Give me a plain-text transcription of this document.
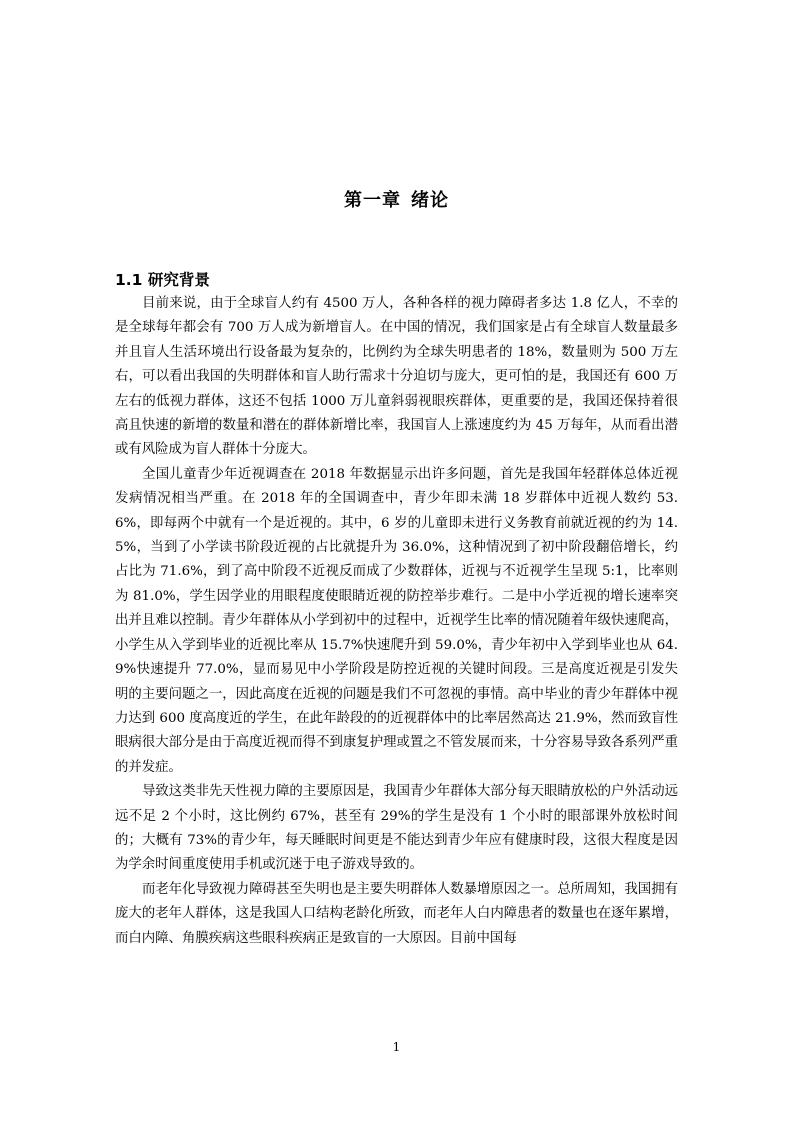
第一章 绪论
1.1 研究背景

目前来说，由于全球盲人约有 4500 万人，各种各样的视力障碍者多达 1.8 亿人，不幸的是全球每年都会有 700 万人成为新增盲人。在中国的情况，我们国家是占有全球盲人数量最多并且盲人生活环境出行设备最为复杂的，比例约为全球失明患者的 18%，数量则为 500 万左右，可以看出我国的失明群体和盲人助行需求十分迫切与庞大，更可怕的是，我国还有 600 万左右的低视力群体，这还不包括 1000 万儿童斜弱视眼疾群体，更重要的是，我国还保持着很高且快速的新增的数量和潜在的群体新增比率，我国盲人上涨速度约为 45 万每年，从而看出潜或有风险成为盲人群体十分庞大。

全国儿童青少年近视调查在 2018 年数据显示出许多问题，首先是我国年轻群体总体近视发病情况相当严重。在 2018 年的全国调查中，青少年即未满 18 岁群体中近视人数约 53.6%，即每两个中就有一个是近视的。其中，6 岁的儿童即未进行义务教育前就近视的约为 14.5%，当到了小学读书阶段近视的占比就提升为 36.0%，这种情况到了初中阶段翻倍增长，约占比为 71.6%，到了高中阶段不近视反而成了少数群体，近视与不近视学生呈现 5:1，比率则为 81.0%，学生因学业的用眼程度使眼睛近视的防控举步难行。二是中小学近视的增长速率突出并且难以控制。青少年群体从小学到初中的过程中，近视学生比率的情况随着年级快速爬高，小学生从入学到毕业的近视比率从 15.7%快速爬升到 59.0%，青少年初中入学到毕业也从 64.9%快速提升 77.0%，显而易见中小学阶段是防控近视的关键时间段。三是高度近视是引发失明的主要问题之一，因此高度在近视的问题是我们不可忽视的事情。高中毕业的青少年群体中视力达到 600 度高度近的学生，在此年龄段的的近视群体中的比率居然高达 21.9%，然而致盲性眼病很大部分是由于高度近视而得不到康复护理或置之不管发展而来，十分容易导致各系列严重的并发症。

导致这类非先天性视力障的主要原因是，我国青少年群体大部分每天眼睛放松的户外活动远远不足 2 个小时，这比例约 67%，甚至有 29%的学生是没有 1 个小时的眼部课外放松时间的；大概有 73%的青少年，每天睡眠时间更是不能达到青少年应有健康时段，这很大程度是因为学余时间重度使用手机或沉迷于电子游戏导致的。

而老年化导致视力障碍甚至失明也是主要失明群体人数暴增原因之一。总所周知，我国拥有庞大的老年人群体，这是我国人口结构老龄化所致，而老年人白内障患者的数量也在逐年累增，而白内障、角膜疾病这些眼科疾病正是致盲的一大原因。目前中国每

1
